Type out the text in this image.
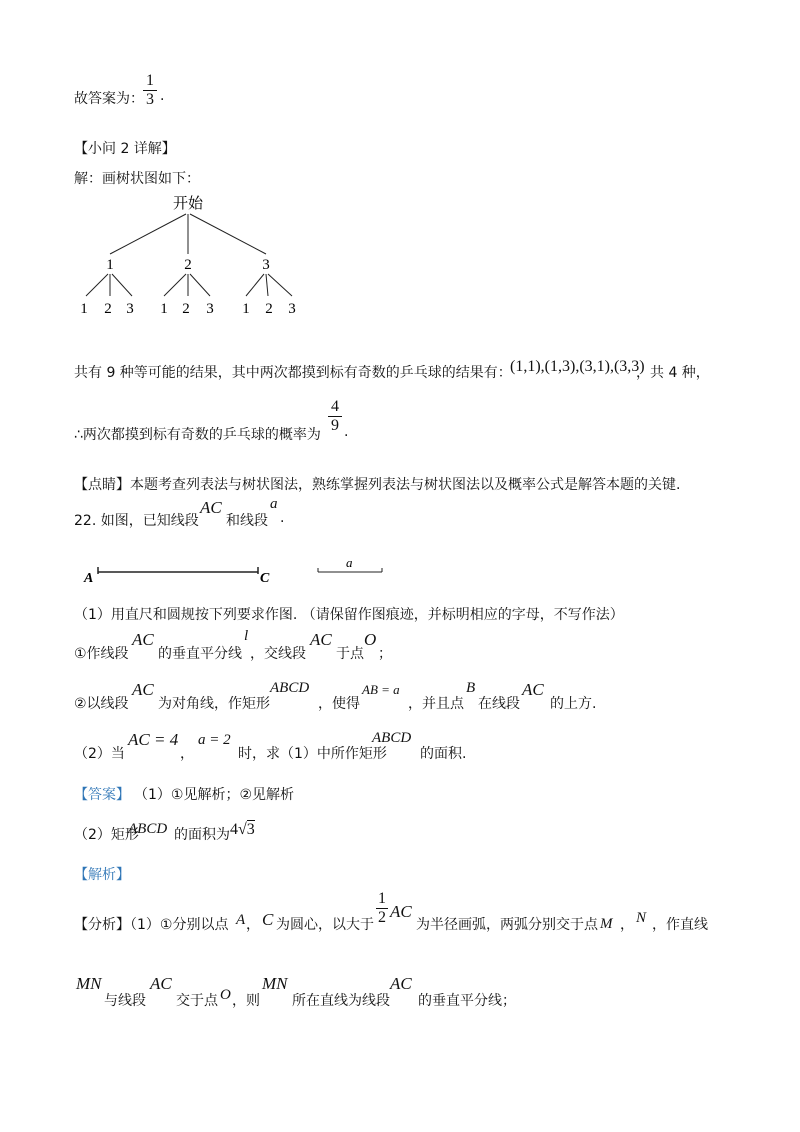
故答案为：
1
3 .
【小问 2 详解】
解：画树状图如下：
开始
1	2	3
1 2 3 1 2 3 1 2 3
共有 9 种等可能的结果，其中两次都摸到标有奇数的乒乓球的结果有：
(1,1),(1,3),(3,1),(3,3)
，共 4 种，
∴两次都摸到标有奇数的乒乓球的概率为
4
9 .
【点睛】本题考查列表法与树状图法，熟练掌握列表法与树状图法以及概率公式是解答本题的关键.
22. 如图，已知线段
AC
和线段
a
.
A	C
a
（1）用直尺和圆规按下列要求作图. （请保留作图痕迹，并标明相应的字母，不写作法）
①作线段
AC
的垂直平分线
l
，交线段
AC
于点
O
；
②以线段
AC
为对角线，作矩形
ABCD
，使得
AB = a
，并且点
B
在线段
AC
的上方.
（2）当
AC = 4
，
a = 2
时，求（1）中所作矩形
ABCD
的面积.
【答案】 （1）①见解析；②见解析
（2）矩形
ABCD 的面积为 4√3
【解析】
【分析】（1）①分别以点 A ， C 为圆心，以大于
1
2 AC
为半径画弧，两弧分别交于点 M ， N ，作直线
MN
与线段
AC
交于点 O ，则
MN
所在直线为线段
AC
的垂直平分线；
